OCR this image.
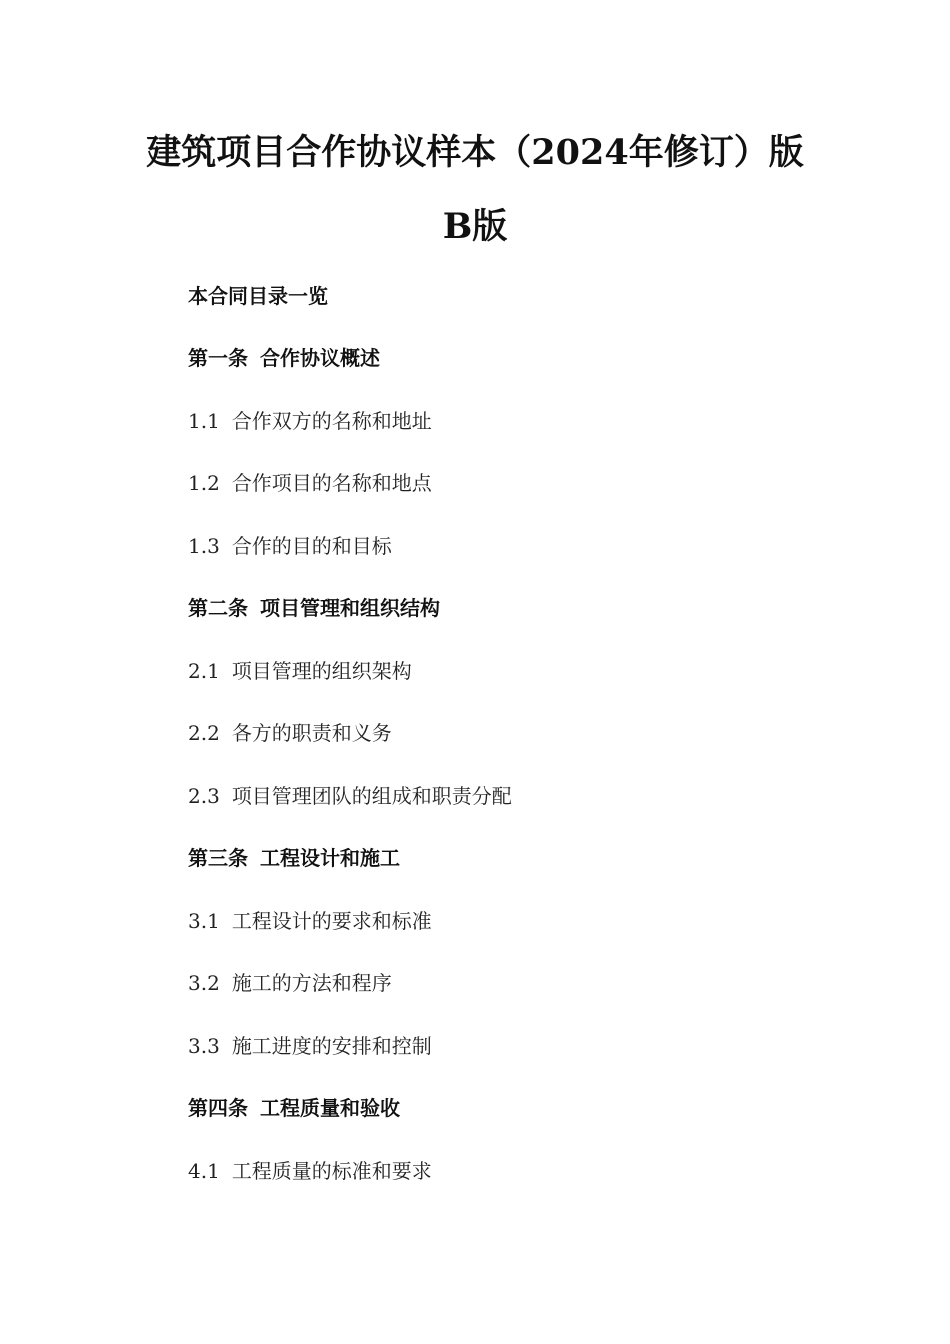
建筑项目合作协议样本（2024年修订）版
B版
本合同目录一览
第一条 合作协议概述
1.1 合作双方的名称和地址
1.2 合作项目的名称和地点
1.3 合作的目的和目标
第二条 项目管理和组织结构
2.1 项目管理的组织架构
2.2 各方的职责和义务
2.3 项目管理团队的组成和职责分配
第三条 工程设计和施工
3.1 工程设计的要求和标准
3.2 施工的方法和程序
3.3 施工进度的安排和控制
第四条 工程质量和验收
4.1 工程质量的标准和要求
